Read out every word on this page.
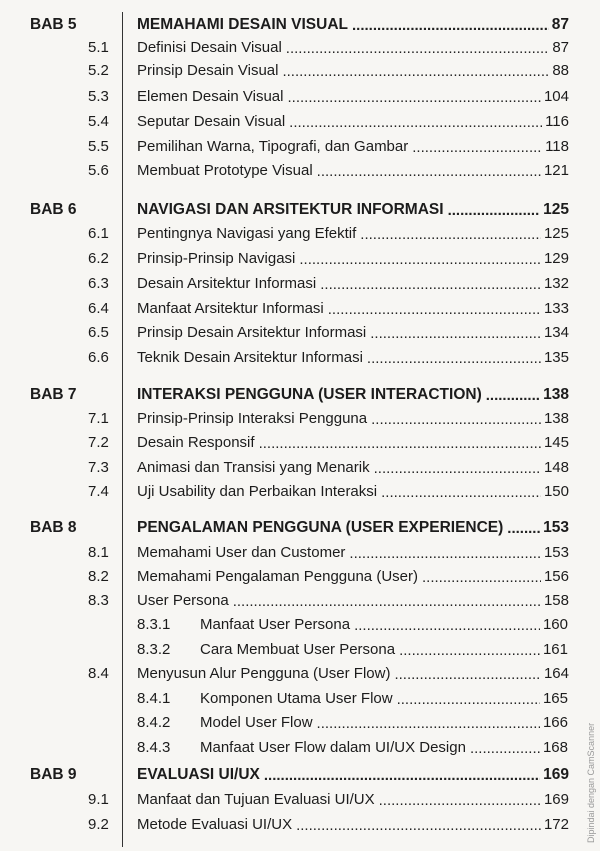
BAB 5	MEMAHAMI DESAIN VISUAL .....	87
5.1 Definisi Desain Visual .....	87
5.2 Prinsip Desain Visual .....	88
5.3 Elemen Desain Visual .....	104
5.4 Seputar Desain Visual .....	116
5.5 Pemilihan Warna, Tipografi, dan Gambar .....	118
5.6 Membuat Prototype Visual .....	121
BAB 6	NAVIGASI DAN ARSITEKTUR INFORMASI .....	125
6.1 Pentingnya Navigasi yang Efektif .....	125
6.2 Prinsip-Prinsip Navigasi .....	129
6.3 Desain Arsitektur Informasi .....	132
6.4 Manfaat Arsitektur Informasi .....	133
6.5 Prinsip Desain Arsitektur Informasi .....	134
6.6 Teknik Desain Arsitektur Informasi .....	135
BAB 7	INTERAKSI PENGGUNA (USER INTERACTION) .....	138
7.1 Prinsip-Prinsip Interaksi Pengguna .....	138
7.2 Desain Responsif .....	145
7.3 Animasi dan Transisi yang Menarik .....	148
7.4 Uji Usability dan Perbaikan Interaksi .....	150
BAB 8	PENGALAMAN PENGGUNA (USER EXPERIENCE) .....	153
8.1 Memahami User dan Customer .....	153
8.2 Memahami Pengalaman Pengguna (User) .....	156
8.3 User Persona .....	158
8.3.1 Manfaat User Persona .....	160
8.3.2 Cara Membuat User Persona .....	161
8.4 Menyusun Alur Pengguna (User Flow) .....	164
8.4.1 Komponen Utama User Flow .....	165
8.4.2 Model User Flow .....	166
8.4.3 Manfaat User Flow dalam UI/UX Design .....	168
BAB 9	EVALUASI UI/UX .....	169
9.1 Manfaat dan Tujuan Evaluasi UI/UX .....	169
9.2 Metode Evaluasi UI/UX .....	172 Dipindai dengan CamScanner
